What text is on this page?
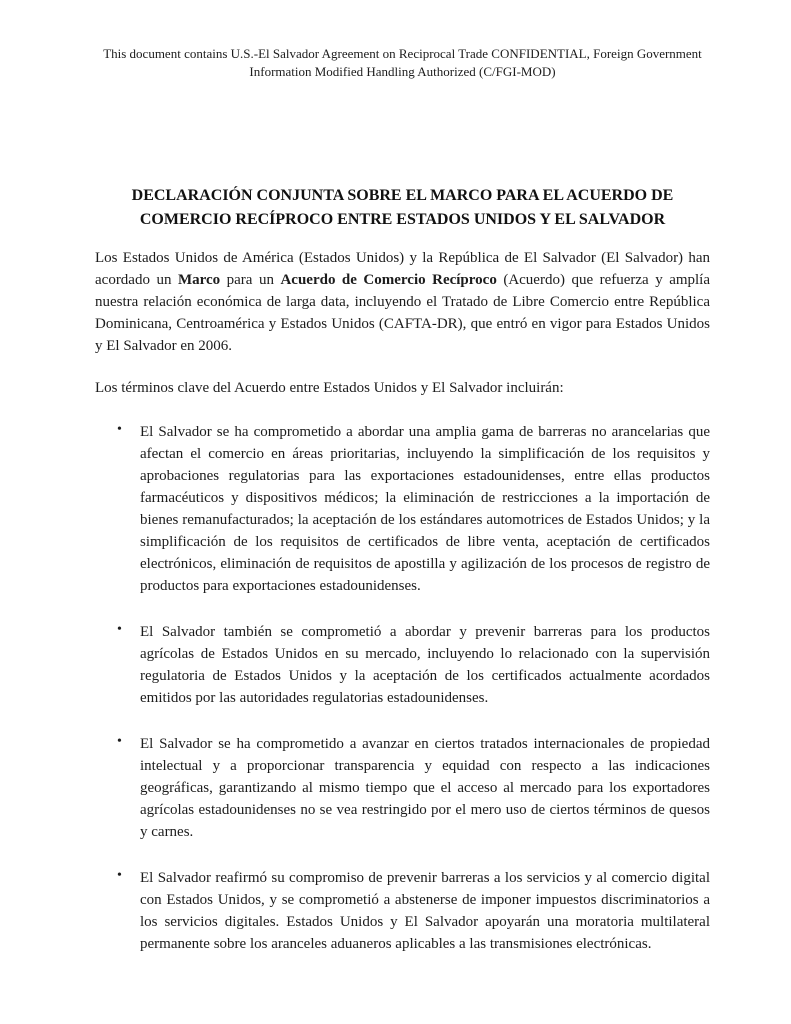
This document contains U.S.-El Salvador Agreement on Reciprocal Trade CONFIDENTIAL, Foreign Government Information Modified Handling Authorized (C/FGI-MOD)
DECLARACIÓN CONJUNTA SOBRE EL MARCO PARA EL ACUERDO DE COMERCIO RECÍPROCO ENTRE ESTADOS UNIDOS Y EL SALVADOR

Los Estados Unidos de América (Estados Unidos) y la República de El Salvador (El Salvador) han acordado un Marco para un Acuerdo de Comercio Recíproco (Acuerdo) que refuerza y amplía nuestra relación económica de larga data, incluyendo el Tratado de Libre Comercio entre República Dominicana, Centroamérica y Estados Unidos (CAFTA-DR), que entró en vigor para Estados Unidos y El Salvador en 2006.

Los términos clave del Acuerdo entre Estados Unidos y El Salvador incluirán:

• El Salvador se ha comprometido a abordar una amplia gama de barreras no arancelarias que afectan el comercio en áreas prioritarias, incluyendo la simplificación de los requisitos y aprobaciones regulatorias para las exportaciones estadounidenses, entre ellas productos farmacéuticos y dispositivos médicos; la eliminación de restricciones a la importación de bienes remanufacturados; la aceptación de los estándares automotrices de Estados Unidos; y la simplificación de los requisitos de certificados de libre venta, aceptación de certificados electrónicos, eliminación de requisitos de apostilla y agilización de los procesos de registro de productos para exportaciones estadounidenses.
• El Salvador también se comprometió a abordar y prevenir barreras para los productos agrícolas de Estados Unidos en su mercado, incluyendo lo relacionado con la supervisión regulatoria de Estados Unidos y la aceptación de los certificados actualmente acordados emitidos por las autoridades regulatorias estadounidenses.
• El Salvador se ha comprometido a avanzar en ciertos tratados internacionales de propiedad intelectual y a proporcionar transparencia y equidad con respecto a las indicaciones geográficas, garantizando al mismo tiempo que el acceso al mercado para los exportadores agrícolas estadounidenses no se vea restringido por el mero uso de ciertos términos de quesos y carnes.
• El Salvador reafirmó su compromiso de prevenir barreras a los servicios y al comercio digital con Estados Unidos, y se comprometió a abstenerse de imponer impuestos discriminatorios a los servicios digitales. Estados Unidos y El Salvador apoyarán una moratoria multilateral permanente sobre los aranceles aduaneros aplicables a las transmisiones electrónicas.
